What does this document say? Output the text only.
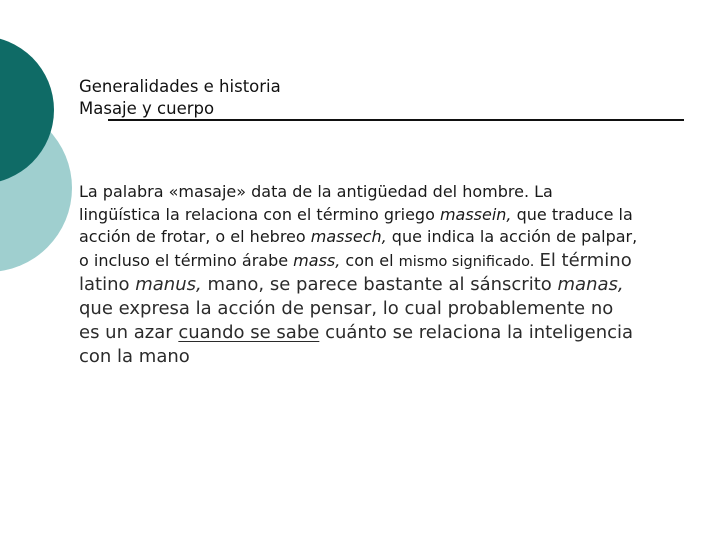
Generalidades e historia
Masaje y cuerpo
La palabra «masaje» data de la antigüedad del hombre. La lingüística la relaciona con el término griego massein, que traduce la acción de frotar, o el hebreo massech, que indica la acción de palpar, o incluso el término árabe mass, con el mismo significado. El término latino manus, mano, se parece bastante al sánscrito manas, que expresa la acción de pensar, lo cual probablemente no es un azar cuando se sabe cuánto se relaciona la inteligencia con la mano
